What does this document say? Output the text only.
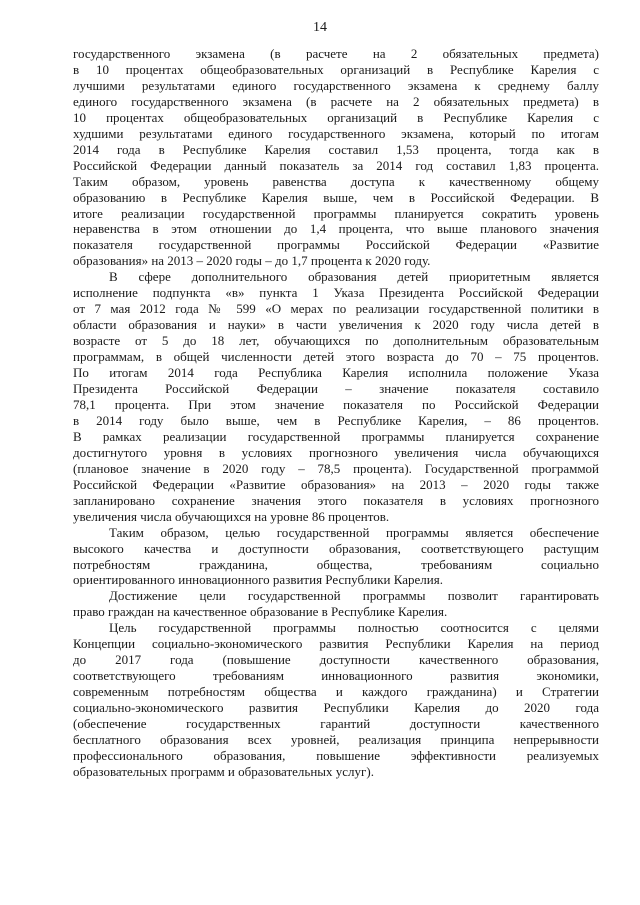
14
государственного экзамена (в расчете на 2 обязательных предмета)
в 10 процентах общеобразовательных организаций в Республике Карелия с
лучшими результатами единого государственного экзамена к среднему баллу
единого государственного экзамена (в расчете на 2 обязательных предмета) в
10 процентах общеобразовательных организаций в Республике Карелия с
худшими результатами единого государственного экзамена, который по итогам
2014 года в Республике Карелия составил 1,53 процента, тогда как в
Российской Федерации данный показатель за 2014 год составил 1,83 процента.
Таким образом, уровень равенства доступа к качественному общему
образованию в Республике Карелия выше, чем в Российской Федерации. В
итоге реализации государственной программы планируется сократить уровень
неравенства в этом отношении до 1,4 процента, что выше планового значения
показателя государственной программы Российской Федерации «Развитие
образования» на 2013 – 2020 годы – до 1,7 процента к 2020 году.
В сфере дополнительного образования детей приоритетным является
исполнение подпункта «в» пункта 1 Указа Президента Российской Федерации
от 7 мая 2012 года № 599 «О мерах по реализации государственной политики в
области образования и науки» в части увеличения к 2020 году числа детей в
возрасте от 5 до 18 лет, обучающихся по дополнительным образовательным
программам, в общей численности детей этого возраста до 70 – 75 процентов.
По итогам 2014 года Республика Карелия исполнила положение Указа
Президента Российской Федерации – значение показателя составило
78,1 процента. При этом значение показателя по Российской Федерации
в 2014 году было выше, чем в Республике Карелия, – 86 процентов.
В рамках реализации государственной программы планируется сохранение
достигнутого уровня в условиях прогнозного увеличения числа обучающихся
(плановое значение в 2020 году – 78,5 процента). Государственной программой
Российской Федерации «Развитие образования» на 2013 – 2020 годы также
запланировано сохранение значения этого показателя в условиях прогнозного
увеличения числа обучающихся на уровне 86 процентов.
Таким образом, целью государственной программы является обеспечение
высокого качества и доступности образования, соответствующего растущим
потребностям гражданина, общества, требованиям социально
ориентированного инновационного развития Республики Карелия.
Достижение цели государственной программы позволит гарантировать
право граждан на качественное образование в Республике Карелия.
Цель государственной программы полностью соотносится с целями
Концепции социально-экономического развития Республики Карелия на период
до 2017 года (повышение доступности качественного образования,
соответствующего требованиям инновационного развития экономики,
современным потребностям общества и каждого гражданина) и Стратегии
социально-экономического развития Республики Карелия до 2020 года
(обеспечение государственных гарантий доступности качественного
бесплатного образования всех уровней, реализация принципа непрерывности
профессионального образования, повышение эффективности реализуемых
образовательных программ и образовательных услуг).
